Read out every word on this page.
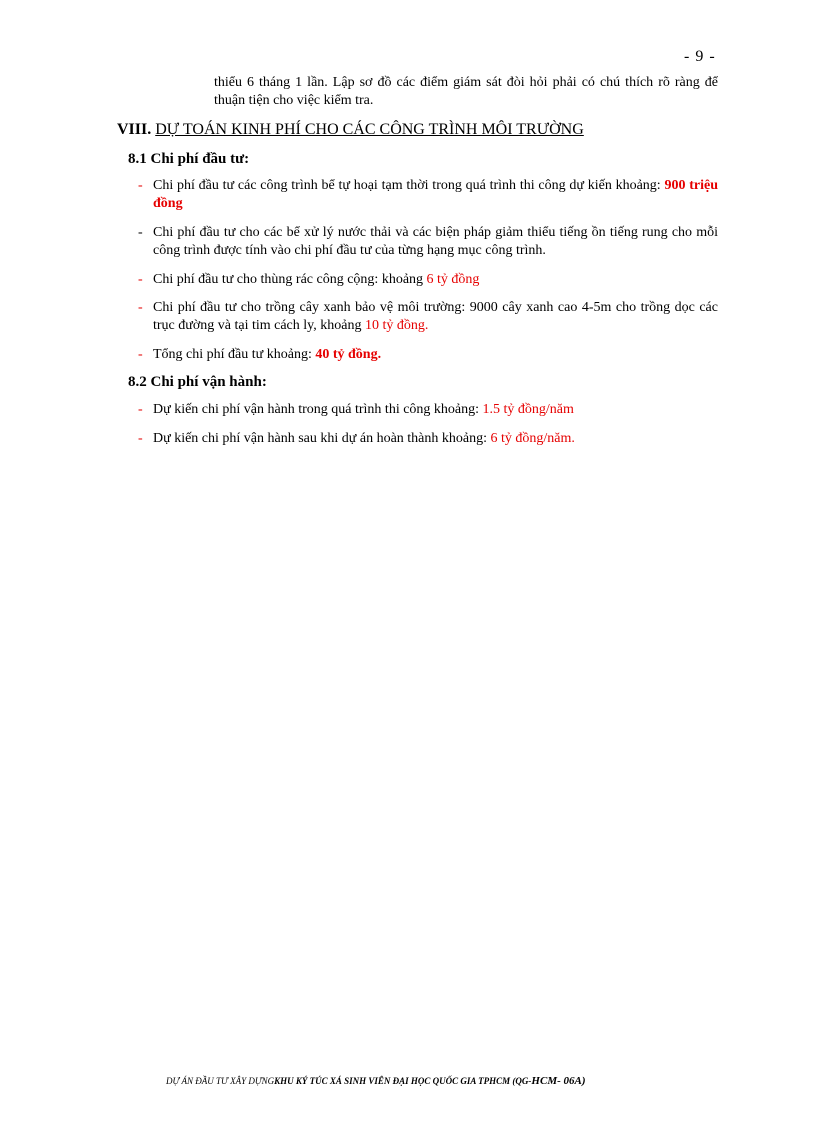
- 9 -
thiểu 6 tháng 1 lần. Lập sơ đồ các điểm giám sát đòi hỏi phải có chú thích rõ ràng để thuận tiện cho việc kiểm tra.
VIII. DỰ TOÁN KINH PHÍ CHO CÁC CÔNG TRÌNH MÔI TRƯỜNG
8.1 Chi phí đầu tư:
- Chi phí đầu tư các công trình bể tự hoại tạm thời trong quá trình thi công dự kiến khoảng: 900 triệu đồng
- Chi phí đầu tư cho các bể xử lý nước thải và các biện pháp giảm thiểu tiếng ồn tiếng rung cho mỗi công trình được tính vào chi phí đầu tư của từng hạng mục công trình.
- Chi phí đầu tư cho thùng rác công cộng: khoảng 6 tỷ đồng
- Chi phí đầu tư cho trồng cây xanh bảo vệ môi trường: 9000 cây xanh cao 4-5m cho trồng dọc các trục đường và tại tim cách ly, khoảng 10 tỷ đồng.
- Tổng chi phí đầu tư khoảng: 40 tỷ đồng.
8.2 Chi phí vận hành:
- Dự kiến chi phí vận hành trong quá trình thi công khoảng: 1.5 tỷ đồng/năm
- Dự kiến chi phí vận hành sau khi dự án hoàn thành khoảng: 6 tỷ đồng/năm.
DỰ ÁN ĐẦU TƯ XÂY DỰNGKHU KÝ TÚC XÁ SINH VIÊN ĐẠI HỌC QUỐC GIA TPHCM (QG-HCM- 06A)
